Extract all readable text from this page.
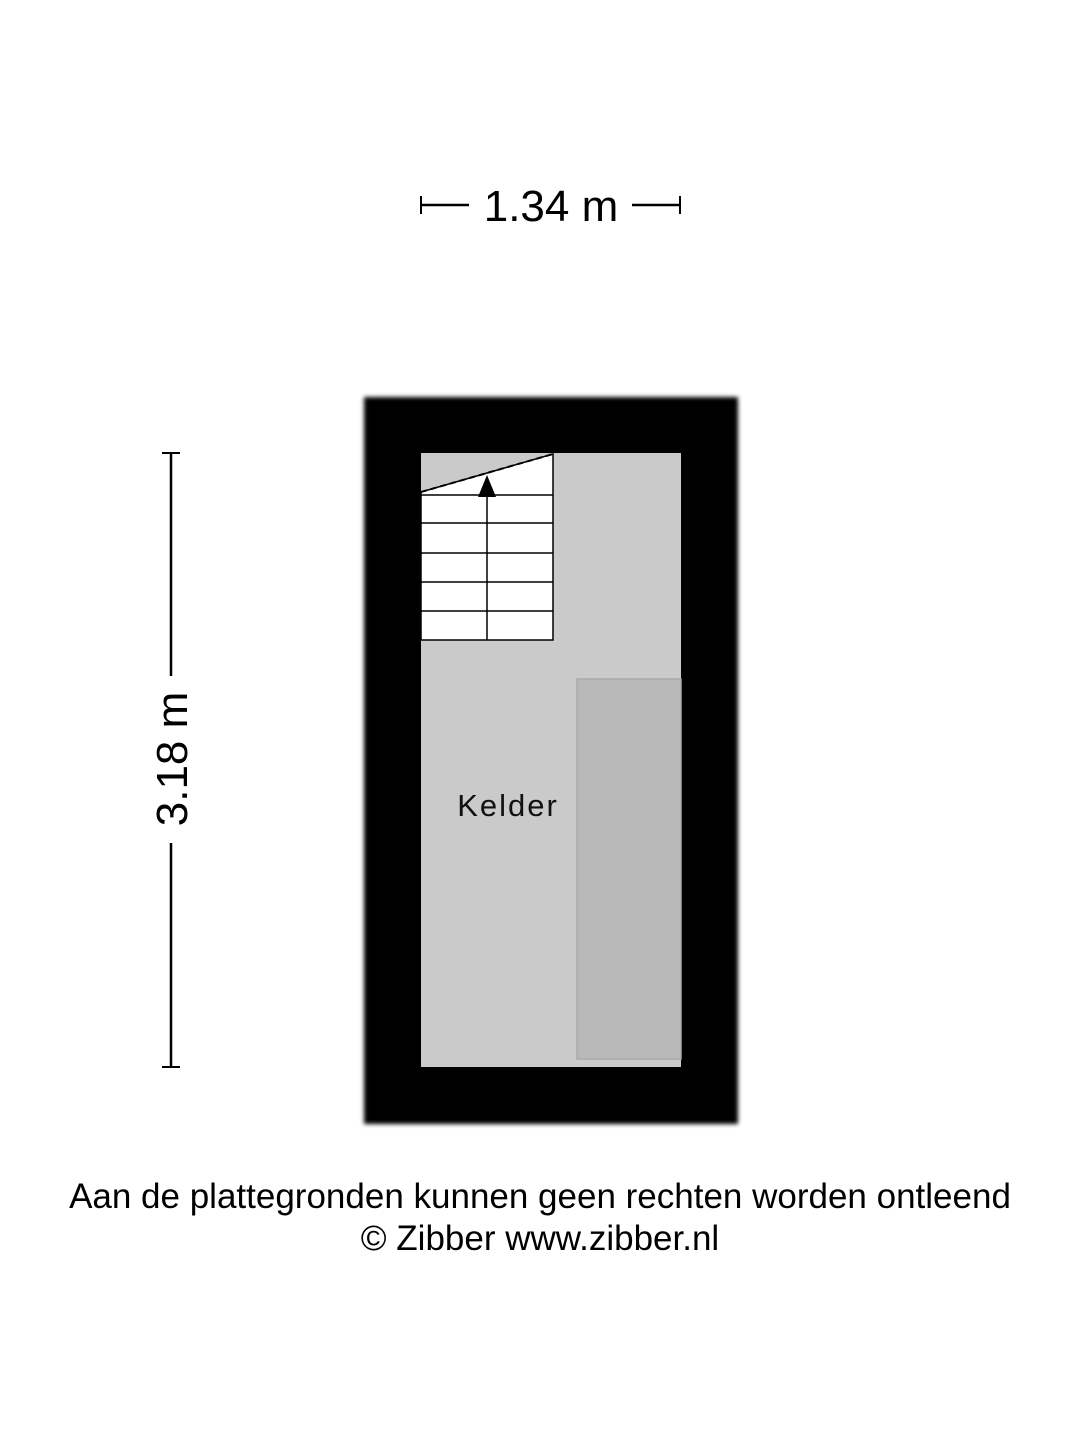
1.34 m
3.18 m	Kelder
Aan de plattegronden kunnen geen rechten worden ontleend
© Zibber www.zibber.nl
